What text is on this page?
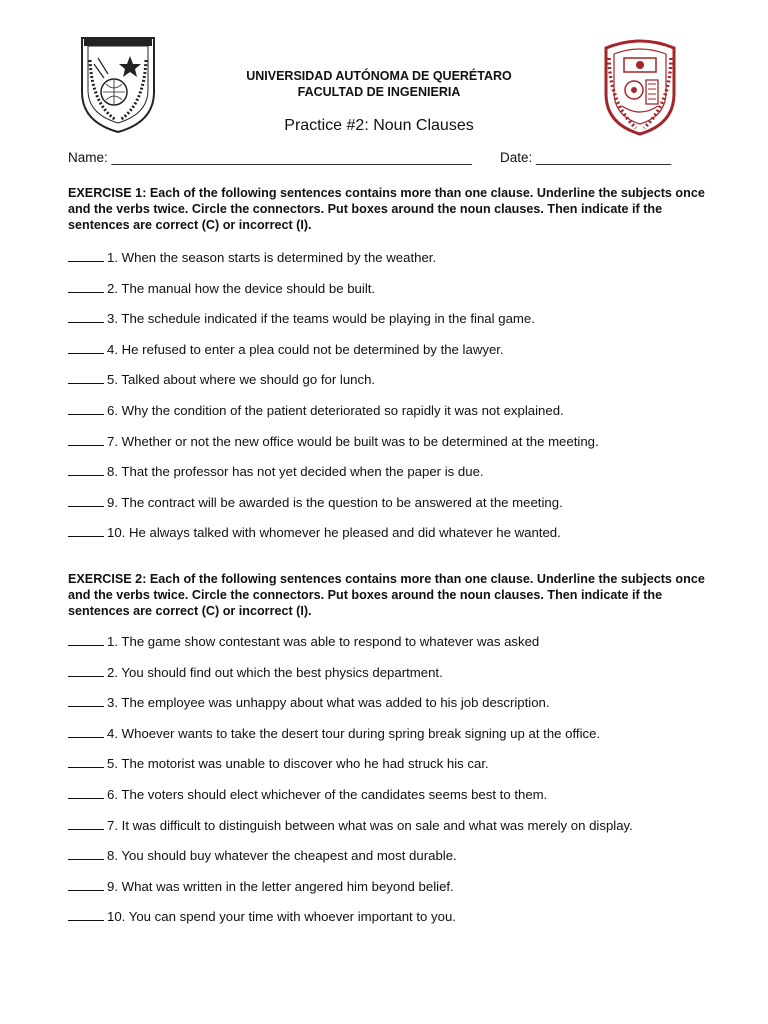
UNIVERSIDAD AUTÓNOMA DE QUERÉTARO
FACULTAD DE INGENIERIA
Practice #2: Noun Clauses
Name: ________________________________________________ Date: __________________
EXERCISE 1: Each of the following sentences contains more than one clause. Underline the subjects once and the verbs twice. Circle the connectors. Put boxes around the noun clauses. Then indicate if the sentences are correct (C) or incorrect (I).
1. When the season starts is determined by the weather.
2. The manual how the device should be built.
3. The schedule indicated if the teams would be playing in the final game.
4. He refused to enter a plea could not be determined by the lawyer.
5. Talked about where we should go for lunch.
6. Why the condition of the patient deteriorated so rapidly it was not explained.
7. Whether or not the new office would be built was to be determined at the meeting.
8. That the professor has not yet decided when the paper is due.
9. The contract will be awarded is the question to be answered at the meeting.
10. He always talked with whomever he pleased and did whatever he wanted.
EXERCISE 2: Each of the following sentences contains more than one clause. Underline the subjects once and the verbs twice. Circle the connectors. Put boxes around the noun clauses. Then indicate if the sentences are correct (C) or incorrect (I).
1. The game show contestant was able to respond to whatever was asked
2. You should find out which the best physics department.
3. The employee was unhappy about what was added to his job description.
4. Whoever wants to take the desert tour during spring break signing up at the office.
5. The motorist was unable to discover who he had struck his car.
6. The voters should elect whichever of the candidates seems best to them.
7. It was difficult to distinguish between what was on sale and what was merely on display.
8. You should buy whatever the cheapest and most durable.
9. What was written in the letter angered him beyond belief.
10. You can spend your time with whoever important to you.
